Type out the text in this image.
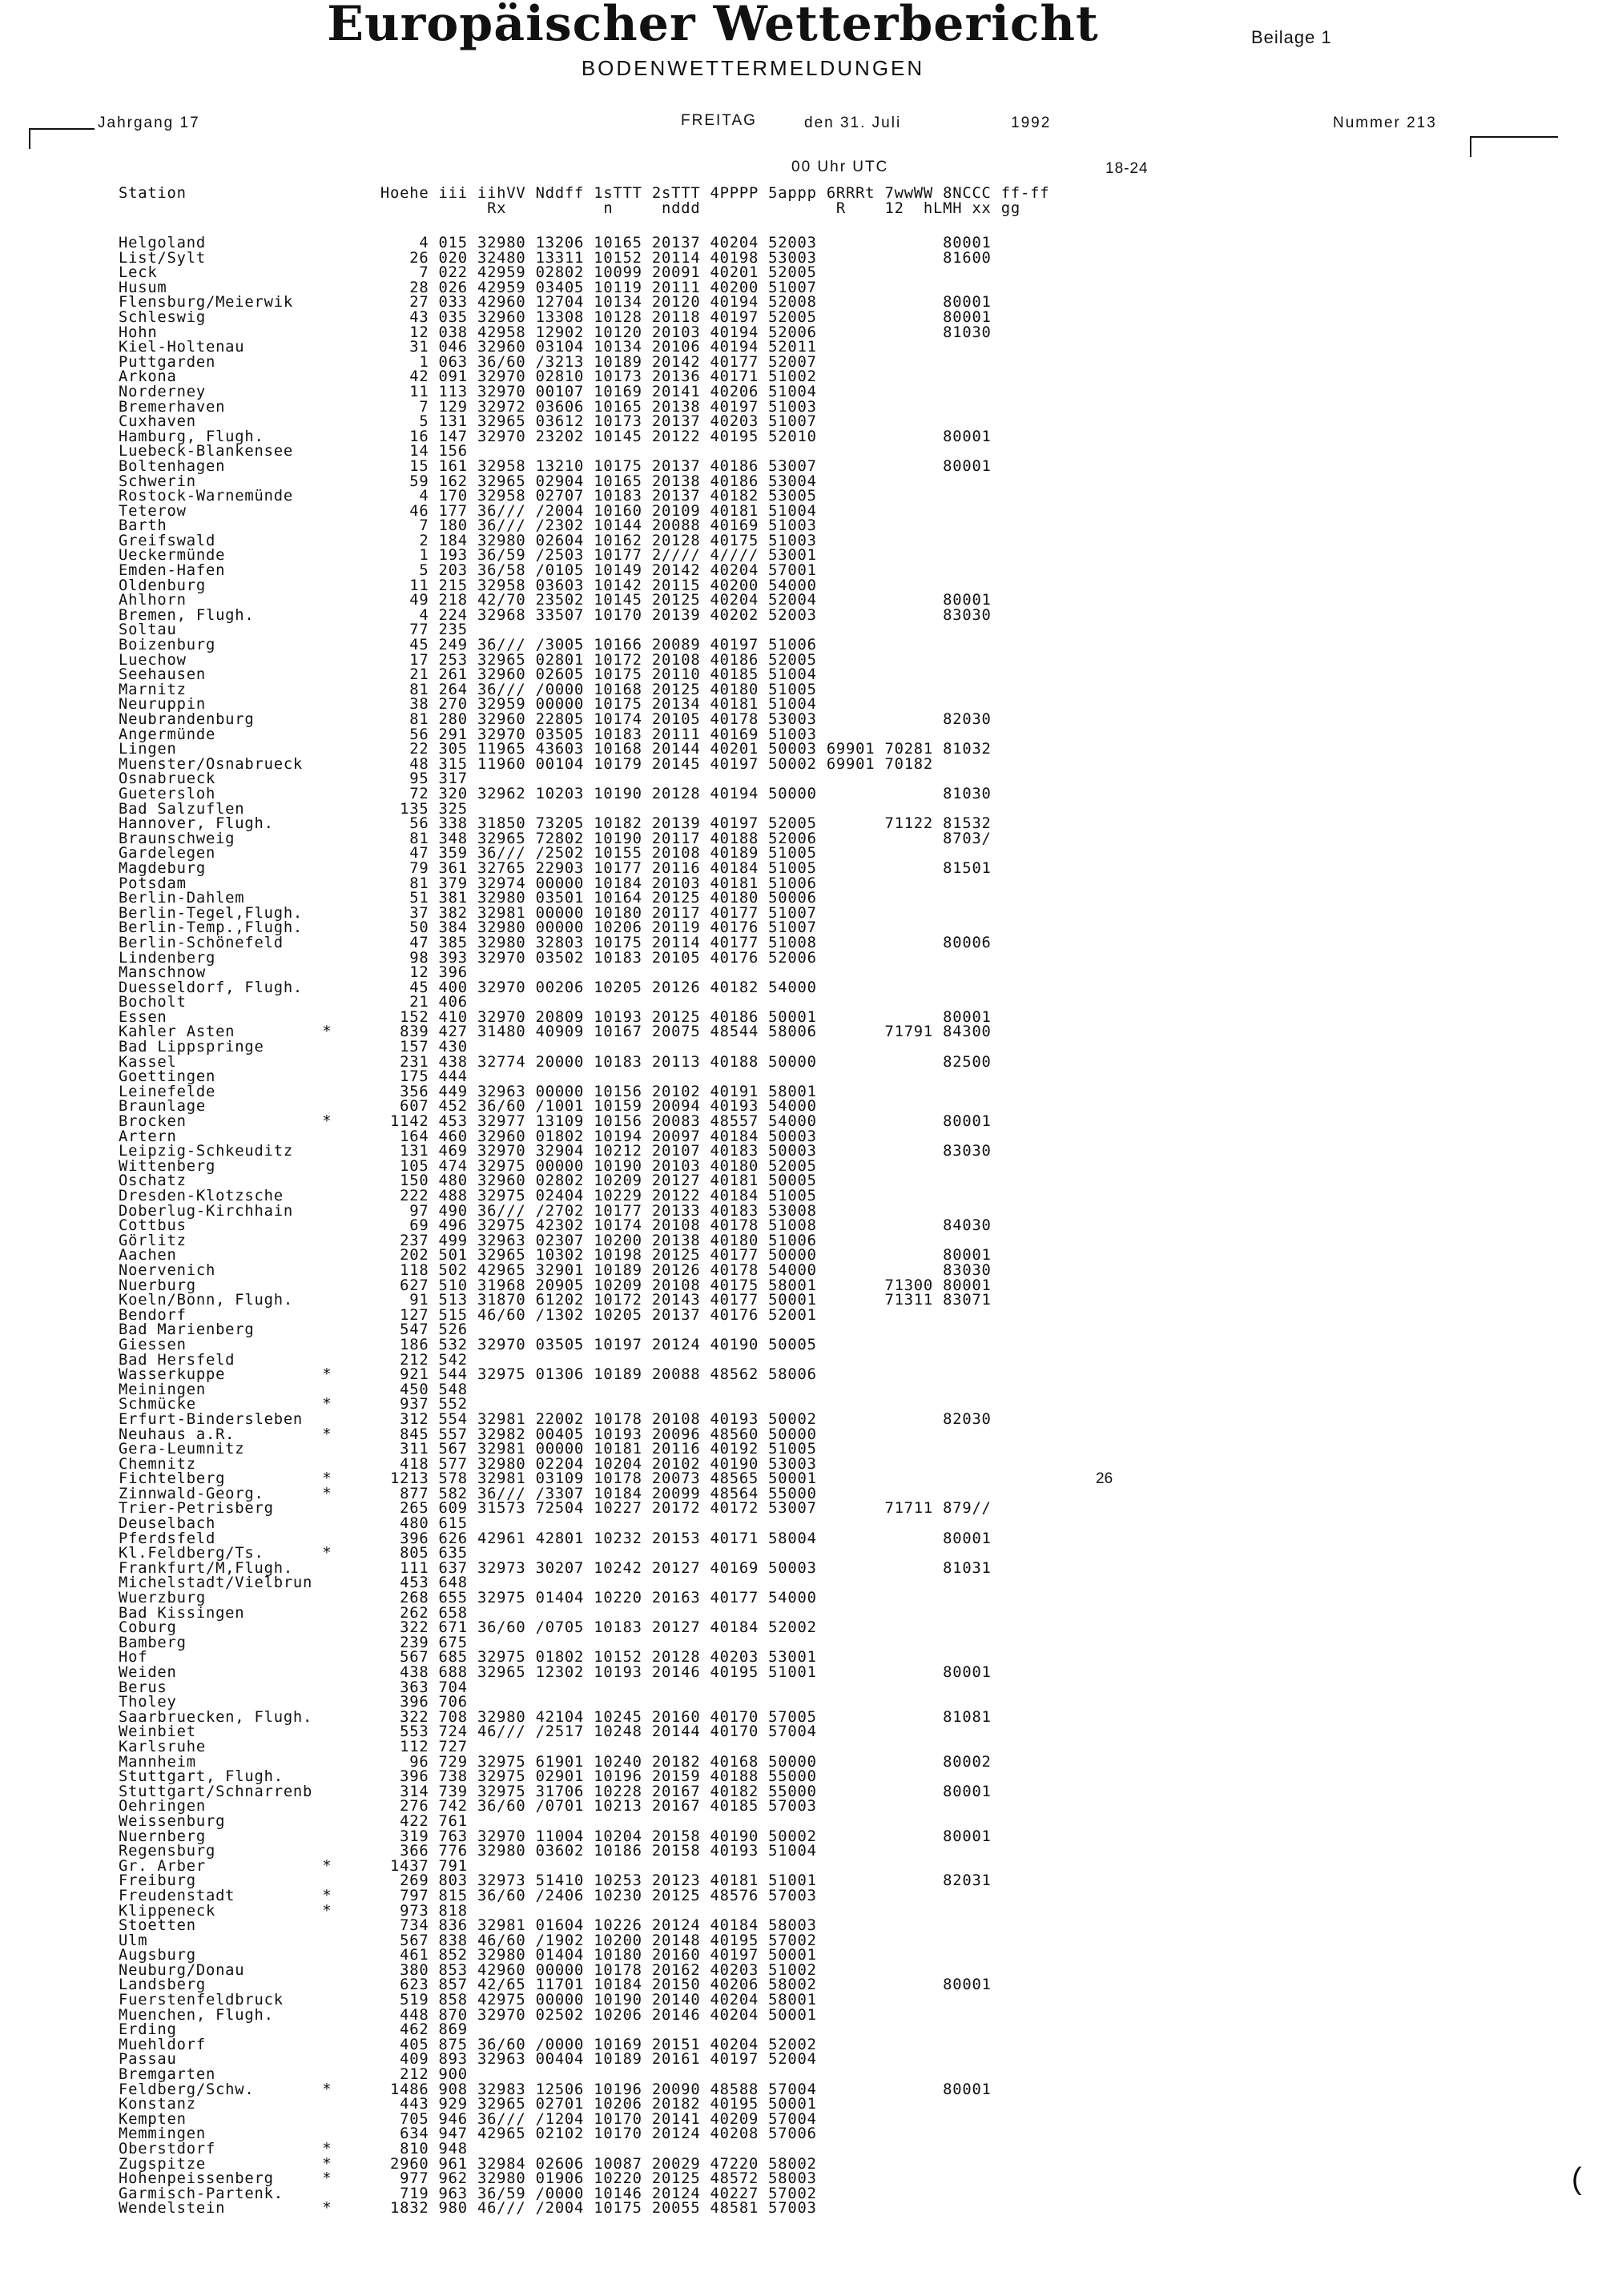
Europäischer Wetterbericht	Beilage 1
BODENWETTERMELDUNGEN
Jahrgang 17	FREITAG	den 31. Juli	1992	Nummer 213
00 Uhr UTC	18-24
Station                    Hoehe iii iihVV Nddff 1sTTT 2sTTT 4PPPP 5appp 6RRRt 7wwWW 8NCCC ff-ff
Rx          n     nddd              R    12  hLMH xx gg
Helgoland                      4 015 32980 13206 10165 20137 40204 52003             80001
List/Sylt                     26 020 32480 13311 10152 20114 40198 53003             81600
Leck                           7 022 42959 02802 10099 20091 40201 52005
Husum                         28 026 42959 03405 10119 20111 40200 51007
Flensburg/Meierwik            27 033 42960 12704 10134 20120 40194 52008             80001
Schleswig                     43 035 32960 13308 10128 20118 40197 52005             80001
Hohn                          12 038 42958 12902 10120 20103 40194 52006             81030
Kiel-Holtenau                 31 046 32960 03104 10134 20106 40194 52011
Puttgarden                     1 063 36/60 /3213 10189 20142 40177 52007
Arkona                        42 091 32970 02810 10173 20136 40171 51002
Norderney                     11 113 32970 00107 10169 20141 40206 51004
Bremerhaven                    7 129 32972 03606 10165 20138 40197 51003
Cuxhaven                       5 131 32965 03612 10173 20137 40203 51007
Hamburg, Flugh.               16 147 32970 23202 10145 20122 40195 52010             80001
Luebeck-Blankensee            14 156
Boltenhagen                   15 161 32958 13210 10175 20137 40186 53007             80001
Schwerin                      59 162 32965 02904 10165 20138 40186 53004
Rostock-Warnemünde             4 170 32958 02707 10183 20137 40182 53005
Teterow                       46 177 36/// /2004 10160 20109 40181 51004
Barth                          7 180 36/// /2302 10144 20088 40169 51003
Greifswald                     2 184 32980 02604 10162 20128 40175 51003
Ueckermünde                    1 193 36/59 /2503 10177 2//// 4//// 53001
Emden-Hafen                    5 203 36/58 /0105 10149 20142 40204 57001
Oldenburg                     11 215 32958 03603 10142 20115 40200 54000
Ahlhorn                       49 218 42/70 23502 10145 20125 40204 52004             80001
Bremen, Flugh.                 4 224 32968 33507 10170 20139 40202 52003             83030
Soltau                        77 235
Boizenburg                    45 249 36/// /3005 10166 20089 40197 51006
Luechow                       17 253 32965 02801 10172 20108 40186 52005
Seehausen                     21 261 32960 02605 10175 20110 40185 51004
Marnitz                       81 264 36/// /0000 10168 20125 40180 51005
Neuruppin                     38 270 32959 00000 10175 20134 40181 51004
Neubrandenburg                81 280 32960 22805 10174 20105 40178 53003             82030
Angermünde                    56 291 32970 03505 10183 20111 40169 51003
Lingen                        22 305 11965 43603 10168 20144 40201 50003 69901 70281 81032
Muenster/Osnabrueck           48 315 11960 00104 10179 20145 40197 50002 69901 70182
Osnabrueck                    95 317
Guetersloh                    72 320 32962 10203 10190 20128 40194 50000             81030
Bad Salzuflen                135 325
Hannover, Flugh.              56 338 31850 73205 10182 20139 40197 52005       71122 81532
Braunschweig                  81 348 32965 72802 10190 20117 40188 52006             8703/
Gardelegen                    47 359 36/// /2502 10155 20108 40189 51005
Magdeburg                     79 361 32765 22903 10177 20116 40184 51005             81501
Potsdam                       81 379 32974 00000 10184 20103 40181 51006
Berlin-Dahlem                 51 381 32980 03501 10164 20125 40180 50006
Berlin-Tegel,Flugh.           37 382 32981 00000 10180 20117 40177 51007
Berlin-Temp.,Flugh.           50 384 32980 00000 10206 20119 40176 51007
Berlin-Schönefeld             47 385 32980 32803 10175 20114 40177 51008             80006
Lindenberg                    98 393 32970 03502 10183 20105 40176 52006
Manschnow                     12 396
Duesseldorf, Flugh.           45 400 32970 00206 10205 20126 40182 54000
Bocholt                       21 406
Essen                        152 410 32970 20809 10193 20125 40186 50001             80001
Kahler Asten         *       839 427 31480 40909 10167 20075 48544 58006       71791 84300
Bad Lippspringe              157 430
Kassel                       231 438 32774 20000 10183 20113 40188 50000             82500
Goettingen                   175 444
Leinefelde                   356 449 32963 00000 10156 20102 40191 58001
Braunlage                    607 452 36/60 /1001 10159 20094 40193 54000
Brocken              *      1142 453 32977 13109 10156 20083 48557 54000             80001
Artern                       164 460 32960 01802 10194 20097 40184 50003
Leipzig-Schkeuditz           131 469 32970 32904 10212 20107 40183 50003             83030
Wittenberg                   105 474 32975 00000 10190 20103 40180 52005
Oschatz                      150 480 32960 02802 10209 20127 40181 50005
Dresden-Klotzsche            222 488 32975 02404 10229 20122 40184 51005
Doberlug-Kirchhain            97 490 36/// /2702 10177 20133 40183 53008
Cottbus                       69 496 32975 42302 10174 20108 40178 51008             84030
Görlitz                      237 499 32963 02307 10200 20138 40180 51006
Aachen                       202 501 32965 10302 10198 20125 40177 50000             80001
Noervenich                   118 502 42965 32901 10189 20126 40178 54000             83030
Nuerburg                     627 510 31968 20905 10209 20108 40175 58001       71300 80001
Koeln/Bonn, Flugh.            91 513 31870 61202 10172 20143 40177 50001       71311 83071
Bendorf                      127 515 46/60 /1302 10205 20137 40176 52001
Bad Marienberg               547 526
Giessen                      186 532 32970 03505 10197 20124 40190 50005
Bad Hersfeld                 212 542
Wasserkuppe          *       921 544 32975 01306 10189 20088 48562 58006
Meiningen                    450 548
Schmücke             *       937 552
Erfurt-Bindersleben          312 554 32981 22002 10178 20108 40193 50002             82030
Neuhaus a.R.         *       845 557 32982 00405 10193 20096 48560 50000
Gera-Leumnitz                311 567 32981 00000 10181 20116 40192 51005
Chemnitz                     418 577 32980 02204 10204 20102 40190 53003
Fichtelberg          *      1213 578 32981 03109 10178 20073 48565 50001
Zinnwald-Georg.      *       877 582 36/// /3307 10184 20099 48564 55000
Trier-Petrisberg             265 609 31573 72504 10227 20172 40172 53007       71711 879//
Deuselbach                   480 615
Pferdsfeld                   396 626 42961 42801 10232 20153 40171 58004             80001
Kl.Feldberg/Ts.      *       805 635
Frankfurt/M,Flugh.           111 637 32973 30207 10242 20127 40169 50003             81031
Michelstadt/Vielbrun         453 648
Wuerzburg                    268 655 32975 01404 10220 20163 40177 54000
Bad Kissingen                262 658
Coburg                       322 671 36/60 /0705 10183 20127 40184 52002
Bamberg                      239 675
Hof                          567 685 32975 01802 10152 20128 40203 53001
Weiden                       438 688 32965 12302 10193 20146 40195 51001             80001
Berus                        363 704
Tholey                       396 706
Saarbruecken, Flugh.         322 708 32980 42104 10245 20160 40170 57005             81081
Weinbiet                     553 724 46/// /2517 10248 20144 40170 57004
Karlsruhe                    112 727
Mannheim                      96 729 32975 61901 10240 20182 40168 50000             80002
Stuttgart, Flugh.            396 738 32975 02901 10196 20159 40188 55000
Stuttgart/Schnarrenb         314 739 32975 31706 10228 20167 40182 55000             80001
Oehringen                    276 742 36/60 /0701 10213 20167 40185 57003
Weissenburg                  422 761
Nuernberg                    319 763 32970 11004 10204 20158 40190 50002             80001
Regensburg                   366 776 32980 03602 10186 20158 40193 51004
Gr. Arber            *      1437 791
Freiburg                     269 803 32973 51410 10253 20123 40181 51001             82031
Freudenstadt         *       797 815 36/60 /2406 10230 20125 48576 57003
Klippeneck           *       973 818
Stoetten                     734 836 32981 01604 10226 20124 40184 58003
Ulm                          567 838 46/60 /1902 10200 20148 40195 57002
Augsburg                     461 852 32980 01404 10180 20160 40197 50001
Neuburg/Donau                380 853 42960 00000 10178 20162 40203 51002
Landsberg                    623 857 42/65 11701 10184 20150 40206 58002             80001
Fuerstenfeldbruck            519 858 42975 00000 10190 20140 40204 58001
Muenchen, Flugh.             448 870 32970 02502 10206 20146 40204 50001
Erding                       462 869
Muehldorf                    405 875 36/60 /0000 10169 20151 40204 52002
Passau                       409 893 32963 00404 10189 20161 40197 52004
Bremgarten                   212 900
Feldberg/Schw.       *      1486 908 32983 12506 10196 20090 48588 57004             80001
Konstanz                     443 929 32965 02701 10206 20182 40195 50001
Kempten                      705 946 36/// /1204 10170 20141 40209 57004
Memmingen                    634 947 42965 02102 10170 20124 40208 57006
Oberstdorf           *       810 948
Zugspitze            *      2960 961 32984 02606 10087 20029 47220 58002
Hohenpeissenberg     *       977 962 32980 01906 10220 20125 48572 58003
Garmisch-Partenk.            719 963 36/59 /0000 10146 20124 40227 57002
Wendelstein          *      1832 980 46/// /2004 10175 20055 48581 57003
26
(
